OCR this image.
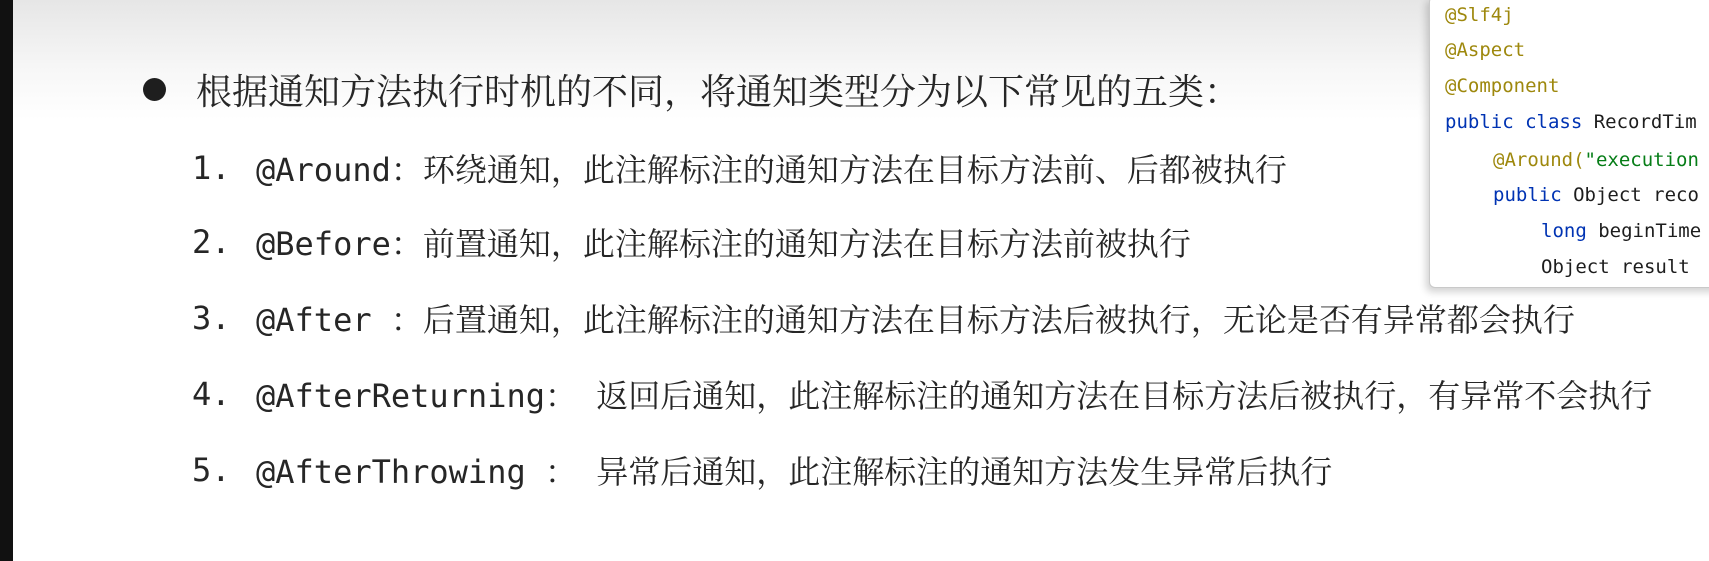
根据通知方法执行时机的不同，将通知类型分为以下常见的五类：
1. @Around： 环绕通知，此注解标注的通知方法在目标方法前、后都被执行
2. @Before： 前置通知，此注解标注的通知方法在目标方法前被执行
3. @After ： 后置通知，此注解标注的通知方法在目标方法后被执行，无论是否有异常都会执行
4. @AfterReturning： 返回后通知，此注解标注的通知方法在目标方法后被执行，有异常不会执行
5. @AfterThrowing ： 异常后通知，此注解标注的通知方法发生异常后执行
@Slf4j
@Aspect
@Component
public class RecordTim
@Around("execution
public Object reco
long beginTime
Object result
